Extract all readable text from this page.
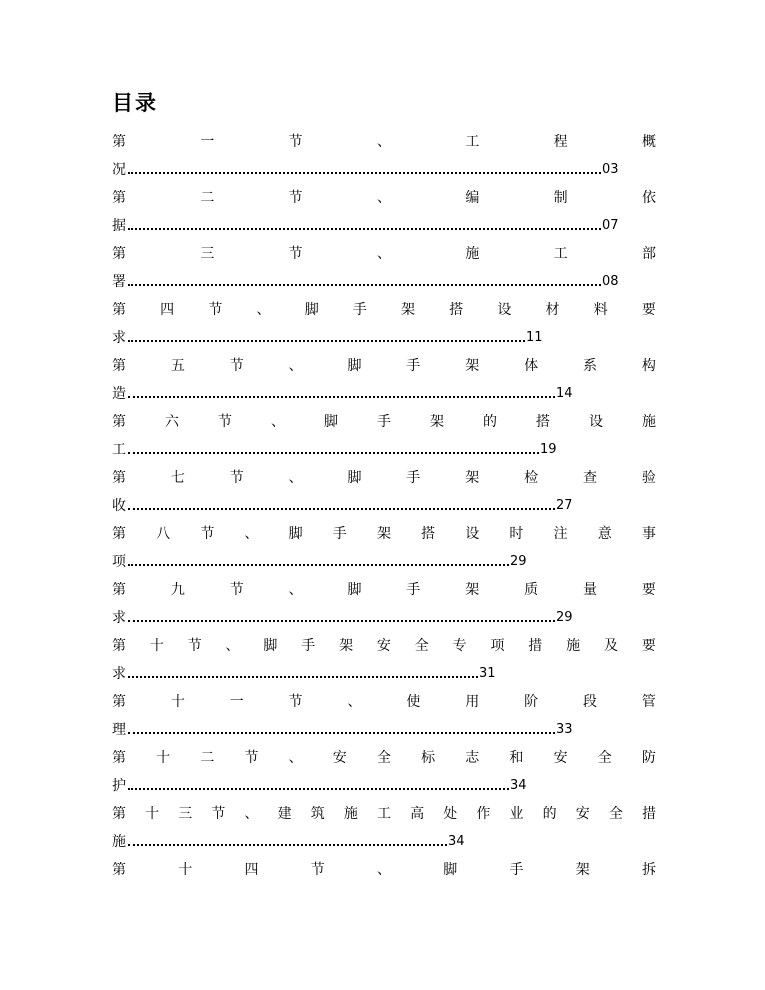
目录
第	一	节	、	工	程	概
况	03
第	二	节	、	编	制	依
据	07
第	三	节	、	施	工	部
署	08
第 四 节 、 脚 手 架 搭 设 材 料 要
求	11
第	五	节	、	脚	手	架	体	系	构
造	14
第	六	节	、	脚	手	架	的	搭	设	施
工	19
第	七	节	、	脚	手	架	检	查	验
收	27
第 八 节 、 脚 手 架 搭 设 时 注 意 事
项	29
第	九	节	、	脚	手	架	质	量	要
求	29
第 十 节 、 脚 手 架 安 全 专 项 措 施 及 要
求	31
第	十	一	节	、	使	用	阶	段	管
理	33
第 十 二 节 、 安 全 标 志 和 安 全 防
护	34
第 十 三 节 、 建 筑 施 工 高 处 作 业 的 安 全 措
施	34
第	十	四	节	、	脚	手	架	拆
